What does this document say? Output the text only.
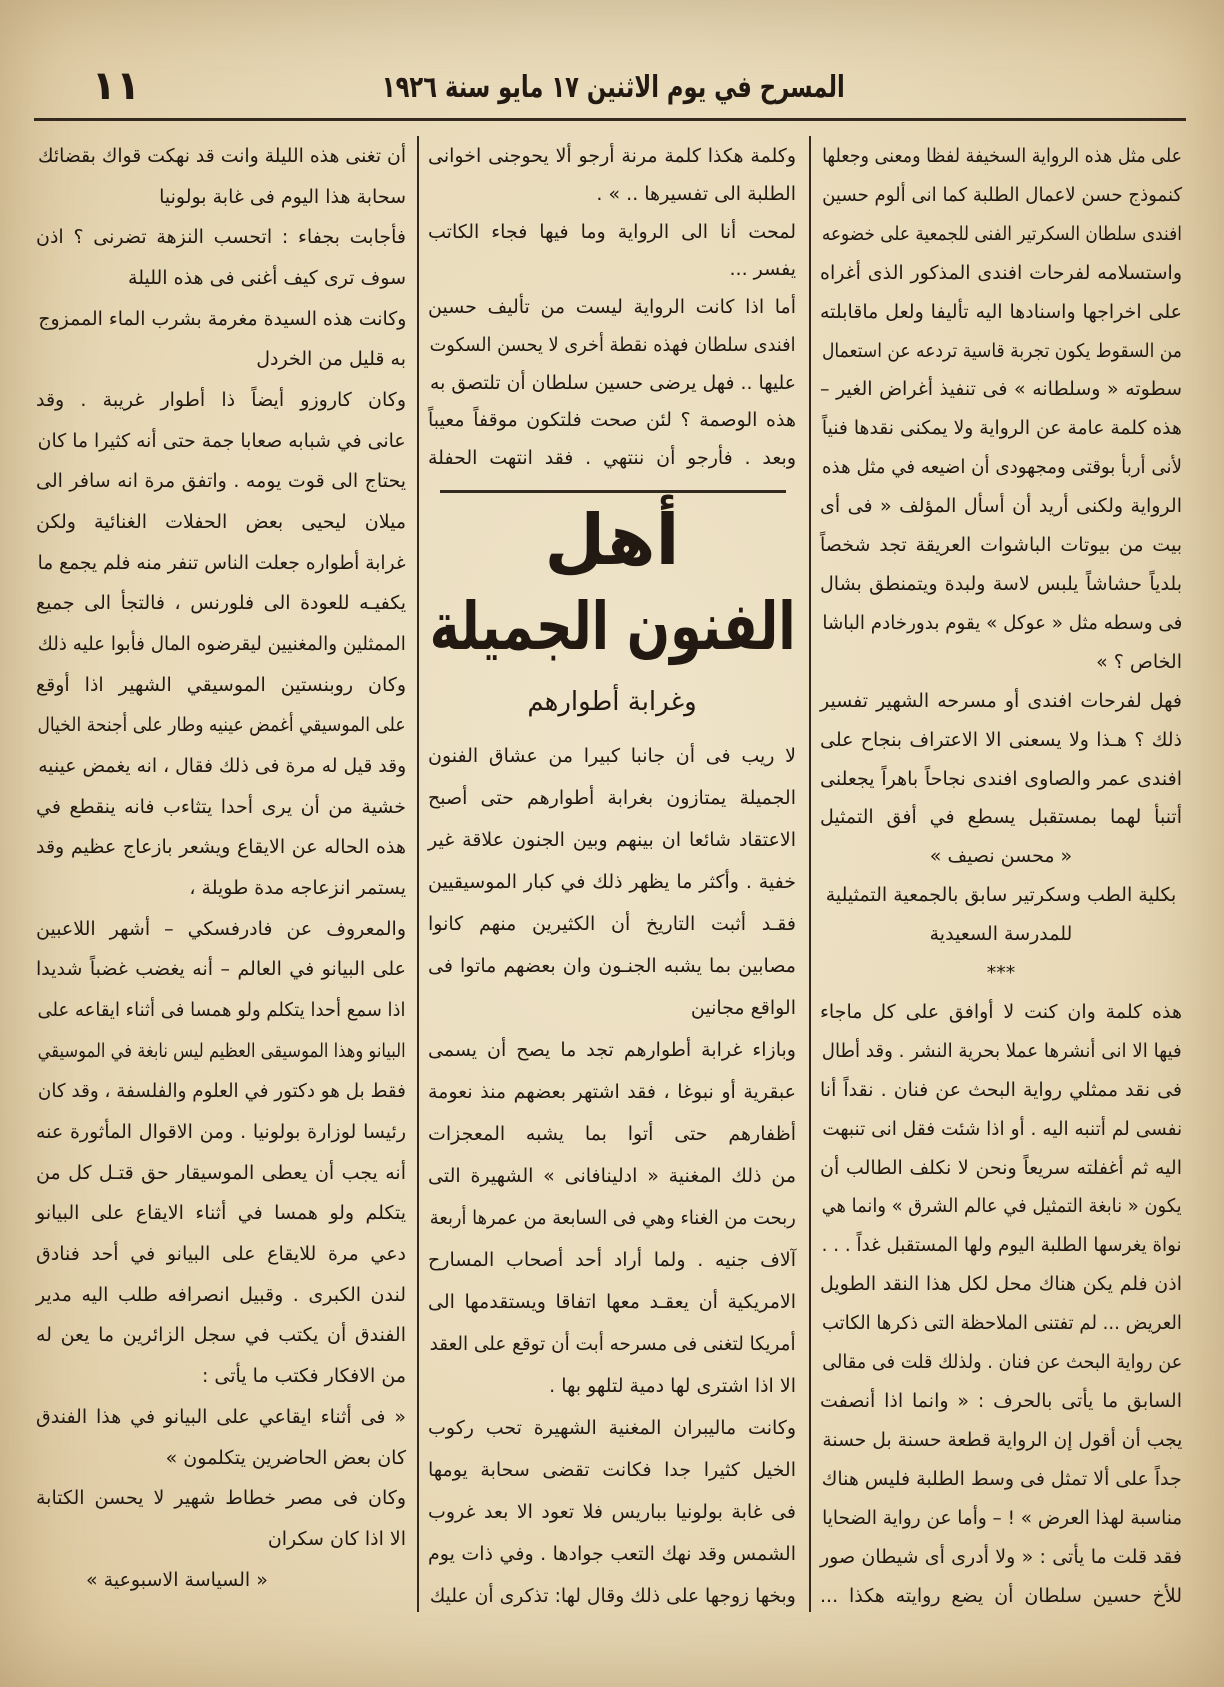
١١	المسرح في يوم الاثنين ١٧ مايو سنة ١٩٢٦
على مثل هذه الرواية السخيفة لفظا ومعنى وجعلها
كنموذج حسن لاعمال الطلبة كما انى ألوم حسين
افندى سلطان السكرتير الفنى للجمعية على خضوعه
واستسلامه لفرحات افندى المذكور الذى أغراه
على اخراجها واسنادها اليه تأليفا ولعل ماقابلته
من السقوط يكون تجربة قاسية تردعه عن استعمال
سطوته « وسلطانه » فى تنفيذ أغراض الغير –
هذه كلمة عامة عن الرواية ولا يمكنى نقدها فنياً
لأنى أربأ بوقتى ومجهودى أن اضيعه في مثل هذه
الرواية ولكنى أريد أن أسأل المؤلف « فى أى
بيت من بيوتات الباشوات العريقة تجد شخصاً
بلدياً حشاشاً يلبس لاسة ولبدة ويتمنطق بشال
فى وسطه مثل « عوكل » يقوم بدورخادم الباشا
الخاص ؟ »
فهل لفرحات افندى أو مسرحه الشهير تفسير
ذلك ؟ هـذا ولا يسعنى الا الاعتراف بنجاح على
افندى عمر والصاوى افندى نجاحاً باهراً يجعلنى
أتنبأ لهما بمستقبل يسطع في أفق التمثيل
« محسن نصيف »
بكلية الطب وسكرتير سابق بالجمعية التمثيلية
للمدرسة السعيدية
***
هذه كلمة وان كنت لا أوافق على كل ماجاء
فيها الا انى أنشرها عملا بحرية النشر . وقد أطال
فى نقد ممثلي رواية البحث عن فنان . نقداً أنا
نفسى لم أتنبه اليه . أو اذا شئت فقل انى تنبهت
اليه ثم أغفلته سريعاً ونحن لا نكلف الطالب أن
يكون « نابغة التمثيل في عالم الشرق » وانما هي
نواة يغرسها الطلبة اليوم ولها المستقبل غداً . . .
اذن فلم يكن هناك محل لكل هذا النقد الطويل
العريض ... لم تفتنى الملاحظة التى ذكرها الكاتب
عن رواية البحث عن فنان . ولذلك قلت فى مقالى
السابق ما يأتى بالحرف : « وانما اذا أنصفت
يجب أن أقول إن الرواية قطعة حسنة بل حسنة
جداً على ألا تمثل فى وسط الطلبة فليس هناك
مناسبة لهذا العرض » ! – وأما عن رواية الضحايا
فقد قلت ما يأتى : « ولا أدرى أى شيطان صور
للأخ حسين سلطان أن يضع روايته هكذا ...
وكلمة هكذا كلمة مرنة أرجو ألا يحوجنى اخوانى
الطلبة الى تفسيرها .. » .
لمحت أنا الى الرواية وما فيها فجاء الكاتب
يفسر ...
أما اذا كانت الرواية ليست من تأليف حسين
افندى سلطان فهذه نقطة أخرى لا يحسن السكوت
عليها .. فهل يرضى حسين سلطان أن تلتصق به
هذه الوصمة ؟ لئن صحت فلتكون موقفاً معيباً
وبعد . فأرجو أن ننتهي . فقد انتهت الحفلة
أهل
الفنون الجميلة
وغرابة أطوارهم
لا ريب فى أن جانبا كبيرا من عشاق الفنون
الجميلة يمتازون بغرابة أطوارهم حتى أصبح
الاعتقاد شائعا ان بينهم وبين الجنون علاقة غير
خفية . وأكثر ما يظهر ذلك في كبار الموسيقيين
فقـد أثبت التاريخ أن الكثيرين منهم كانوا
مصابين بما يشبه الجنـون وان بعضهم ماتوا فى
الواقع مجانين
وبازاء غرابة أطوارهم تجد ما يصح أن يسمى
عبقرية أو نبوغا ، فقد اشتهر بعضهم منذ نعومة
أظفارهم حتى أتوا بما يشبه المعجزات
من ذلك المغنية « ادلينافانى » الشهيرة التى
ربحت من الغناء وهي فى السابعة من عمرها أربعة
آلاف جنيه . ولما أراد أحد أصحاب المسارح
الامريكية أن يعقـد معها اتفاقا ويستقدمها الى
أمريكا لتغنى فى مسرحه أبت أن توقع على العقد
الا اذا اشترى لها دمية لتلهو بها .
وكانت ماليبران المغنية الشهيرة تحب ركوب
الخيل كثيرا جدا فكانت تقضى سحابة يومها
فى غابة بولونيا بباريس فلا تعود الا بعد غروب
الشمس وقد نهك التعب جوادها . وفي ذات يوم
وبخها زوجها على ذلك وقال لها: تذكرى أن عليك
أن تغنى هذه الليلة وانت قد نهكت قواك بقضائك
سحابة هذا اليوم فى غابة بولونيا
فأجابت بجفاء : اتحسب النزهة تضرنى ؟ اذن
سوف ترى كيف أغنى فى هذه الليلة
وكانت هذه السيدة مغرمة بشرب الماء الممزوج
به قليل من الخردل
وكان كاروزو أيضاً ذا أطوار غريبة . وقد
عانى في شبابه صعابا جمة حتى أنه كثيرا ما كان
يحتاج الى قوت يومه . واتفق مرة انه سافر الى
ميلان ليحيى بعض الحفلات الغنائية ولكن
غرابة أطواره جعلت الناس تنفر منه فلم يجمع ما
يكفيـه للعودة الى فلورنس ، فالتجأ الى جميع
الممثلين والمغنيين ليقرضوه المال فأبوا عليه ذلك
وكان روبنستين الموسيقي الشهير اذا أوقع
على الموسيقي أغمض عينيه وطار على أجنحة الخيال
وقد قيل له مرة فى ذلك فقال ، انه يغمض عينيه
خشية من أن يرى أحدا يتثاءب فانه ينقطع في
هذه الحاله عن الايقاع ويشعر بازعاج عظيم وقد
يستمر انزعاجه مدة طويلة ،
والمعروف عن فادرفسكي – أشهر اللاعبين
على البيانو في العالم – أنه يغضب غضباً شديدا
اذا سمع أحدا يتكلم ولو همسا فى أثناء ايقاعه على
البيانو وهذا الموسيقى العظيم ليس نابغة في الموسيقي
فقط بل هو دكتور في العلوم والفلسفة ، وقد كان
رئيسا لوزارة بولونيا . ومن الاقوال المأثورة عنه
أنه يجب أن يعطى الموسيقار حق قتـل كل من
يتكلم ولو همسا في أثناء الايقاع على البيانو
دعي مرة للايقاع على البيانو في أحد فنادق
لندن الكبرى . وقبيل انصرافه طلب اليه مدير
الفندق أن يكتب في سجل الزائرين ما يعن له
من الافكار فكتب ما يأتى :
« فى أثناء ايقاعي على البيانو في هذا الفندق
كان بعض الحاضرين يتكلمون »
وكان فى مصر خطاط شهير لا يحسن الكتابة
الا اذا كان سكران
« السياسة الاسبوعية »
